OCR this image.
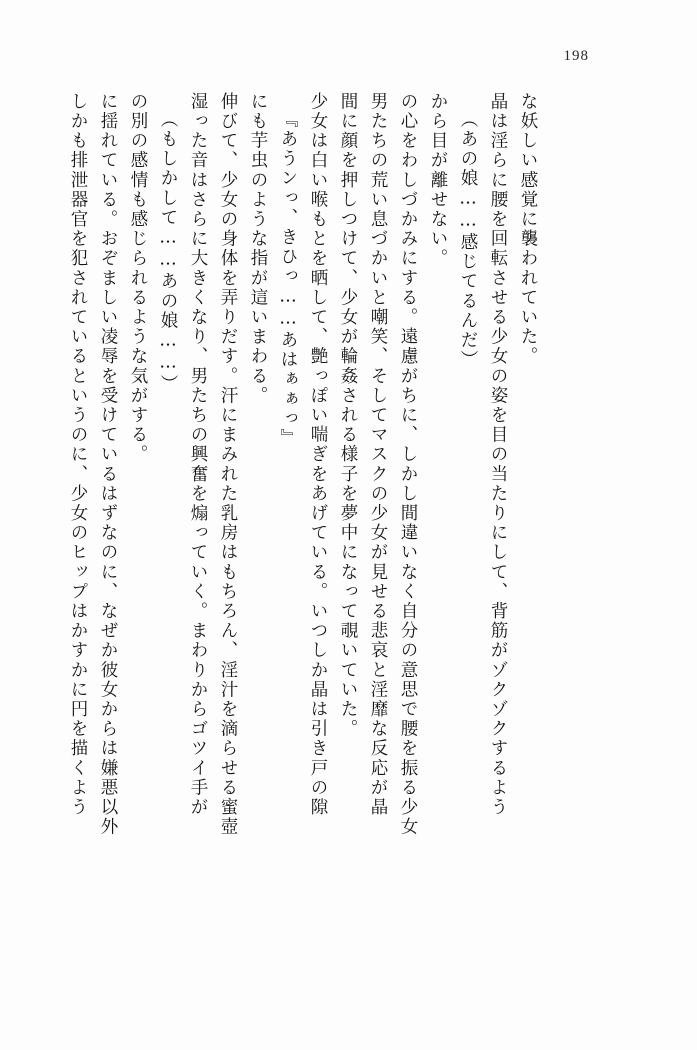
198
しかも排泄器官を犯されているというのに、少女のヒップはかすかに円を描くよう に揺れている。おぞましい凌辱を受けているはずなのに、なぜか彼女からは嫌悪以外 の別の感情も感じられるような気がする。 （もしかして……あの娘……） 湿った音はさらに大きくなり、男たちの興奮を煽っていく。まわりからゴツイ手が 伸びて、少女の身体を弄りだす。汗にまみれた乳房はもちろん、淫汁を滴らせる蜜壺 にも芋虫のような指が這いまわる。 『あうンっ、きひっ……あはぁぁっ』 少女は白い喉もとを晒して、艶っぽい喘ぎをあげている。いつしか晶は引き戸の隙 間に顔を押しつけて、少女が輪姦される様子を夢中になって覗いていた。 男たちの荒い息づかいと嘲笑、そしてマスクの少女が見せる悲哀と淫靡な反応が晶 の心をわしづかみにする。遠慮がちに、しかし間違いなく自分の意思で腰を振る少女 から目が離せない。 （あの娘……感じてるんだ） 晶は淫らに腰を回転させる少女の姿を目の当たりにして、背筋がゾクゾクするよう な妖しい感覚に襲われていた。
